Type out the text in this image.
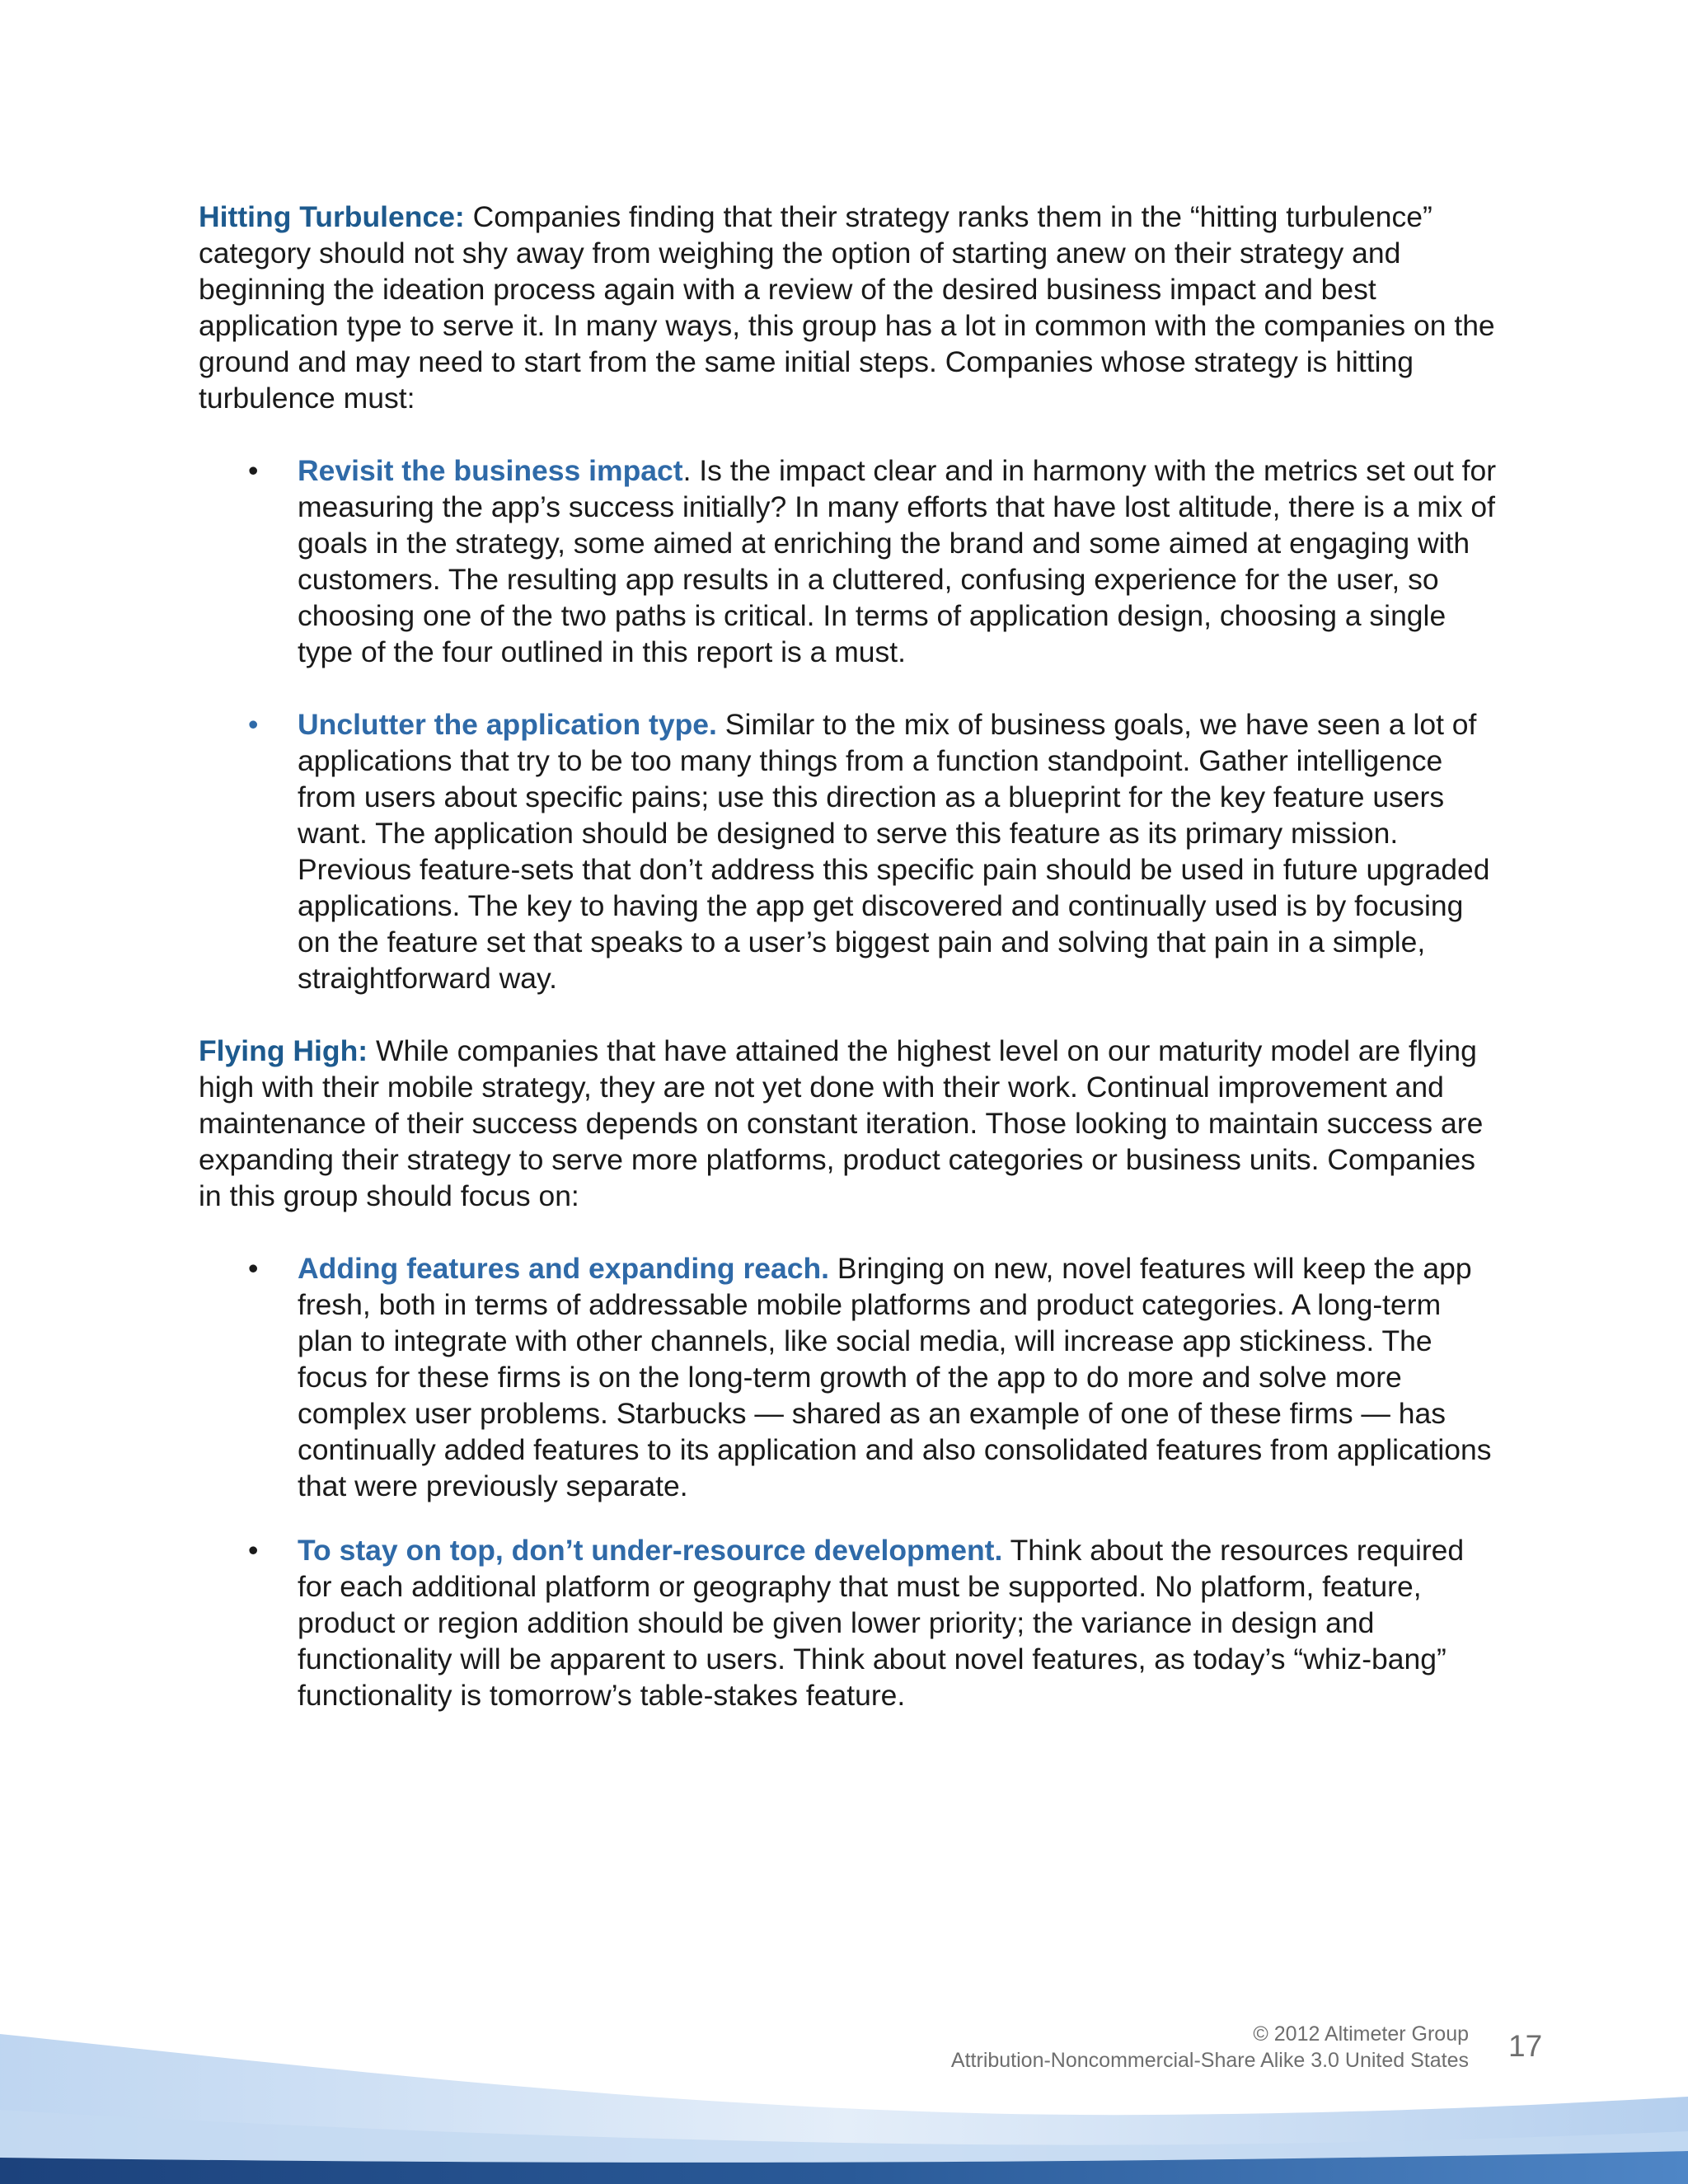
Hitting Turbulence: Companies finding that their strategy ranks them in the “hitting turbulence” category should not shy away from weighing the option of starting anew on their strategy and beginning the ideation process again with a review of the desired business impact and best application type to serve it. In many ways, this group has a lot in common with the companies on the ground and may need to start from the same initial steps. Companies whose strategy is hitting turbulence must:

•	Revisit the business impact. Is the impact clear and in harmony with the metrics set out for measuring the app’s success initially? In many efforts that have lost altitude, there is a mix of goals in the strategy, some aimed at enriching the brand and some aimed at engaging with customers. The resulting app results in a cluttered, confusing experience for the user, so choosing one of the two paths is critical. In terms of application design, choosing a single type of the four outlined in this report is a must.
•	Unclutter the application type. Similar to the mix of business goals, we have seen a lot of applications that try to be too many things from a function standpoint. Gather intelligence from users about specific pains; use this direction as a blueprint for the key feature users want. The application should be designed to serve this feature as its primary mission. Previous feature-sets that don’t address this specific pain should be used in future upgraded applications. The key to having the app get discovered and continually used is by focusing on the feature set that speaks to a user’s biggest pain and solving that pain in a simple, straightforward way.

Flying High: While companies that have attained the highest level on our maturity model are flying high with their mobile strategy, they are not yet done with their work. Continual improvement and maintenance of their success depends on constant iteration. Those looking to maintain success are expanding their strategy to serve more platforms, product categories or business units. Companies in this group should focus on:

•	Adding features and expanding reach. Bringing on new, novel features will keep the app fresh, both in terms of addressable mobile platforms and product categories. A long-term plan to integrate with other channels, like social media, will increase app stickiness. The focus for these firms is on the long-term growth of the app to do more and solve more complex user problems. Starbucks — shared as an example of one of these firms — has continually added features to its application and also consolidated features from applications that were previously separate.
•	To stay on top, don’t under-resource development. Think about the resources required for each additional platform or geography that must be supported. No platform, feature, product or region addition should be given lower priority; the variance in design and functionality will be apparent to users. Think about novel features, as today’s “whiz-bang” functionality is tomorrow’s table-stakes feature.
© 2012 Altimeter Group
Attribution-Noncommercial-Share Alike 3.0 United States 17
